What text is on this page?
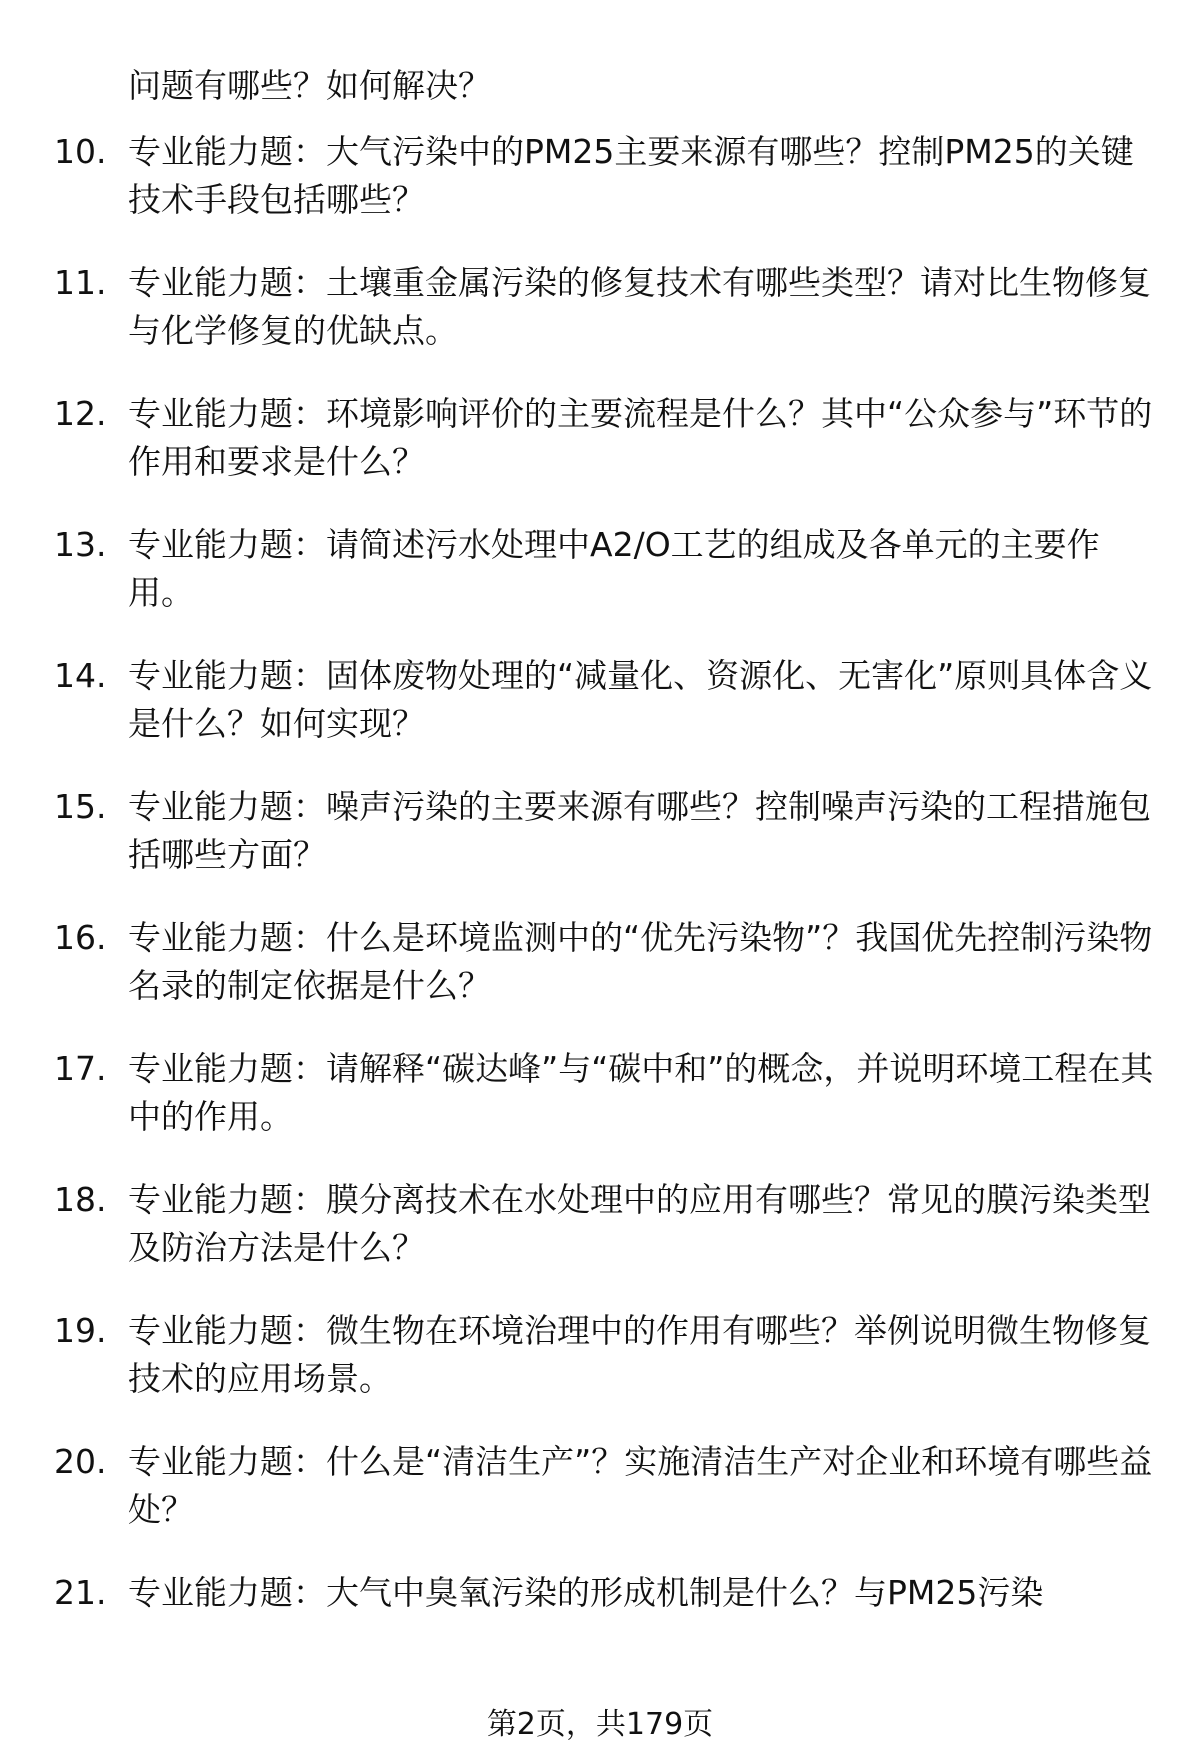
问题有哪些？如何解决？

10. 专业能力题：大气污染中的PM25主要来源有哪些？控制PM25的关键技术手段包括哪些？
11. 专业能力题：土壤重金属污染的修复技术有哪些类型？请对比生物修复与化学修复的优缺点。
12. 专业能力题：环境影响评价的主要流程是什么？其中“公众参与”环节的作用和要求是什么？
13. 专业能力题：请简述污水处理中A2/O工艺的组成及各单元的主要作用。
14. 专业能力题：固体废物处理的“减量化、资源化、无害化”原则具体含义是什么？如何实现？
15. 专业能力题：噪声污染的主要来源有哪些？控制噪声污染的工程措施包括哪些方面？
16. 专业能力题：什么是环境监测中的“优先污染物”？我国优先控制污染物名录的制定依据是什么？
17. 专业能力题：请解释“碳达峰”与“碳中和”的概念，并说明环境工程在其中的作用。
18. 专业能力题：膜分离技术在水处理中的应用有哪些？常见的膜污染类型及防治方法是什么？
19. 专业能力题：微生物在环境治理中的作用有哪些？举例说明微生物修复技术的应用场景。
20. 专业能力题：什么是“清洁生产”？实施清洁生产对企业和环境有哪些益处？
21. 专业能力题：大气中臭氧污染的形成机制是什么？与PM25污染
第2页，共179页
